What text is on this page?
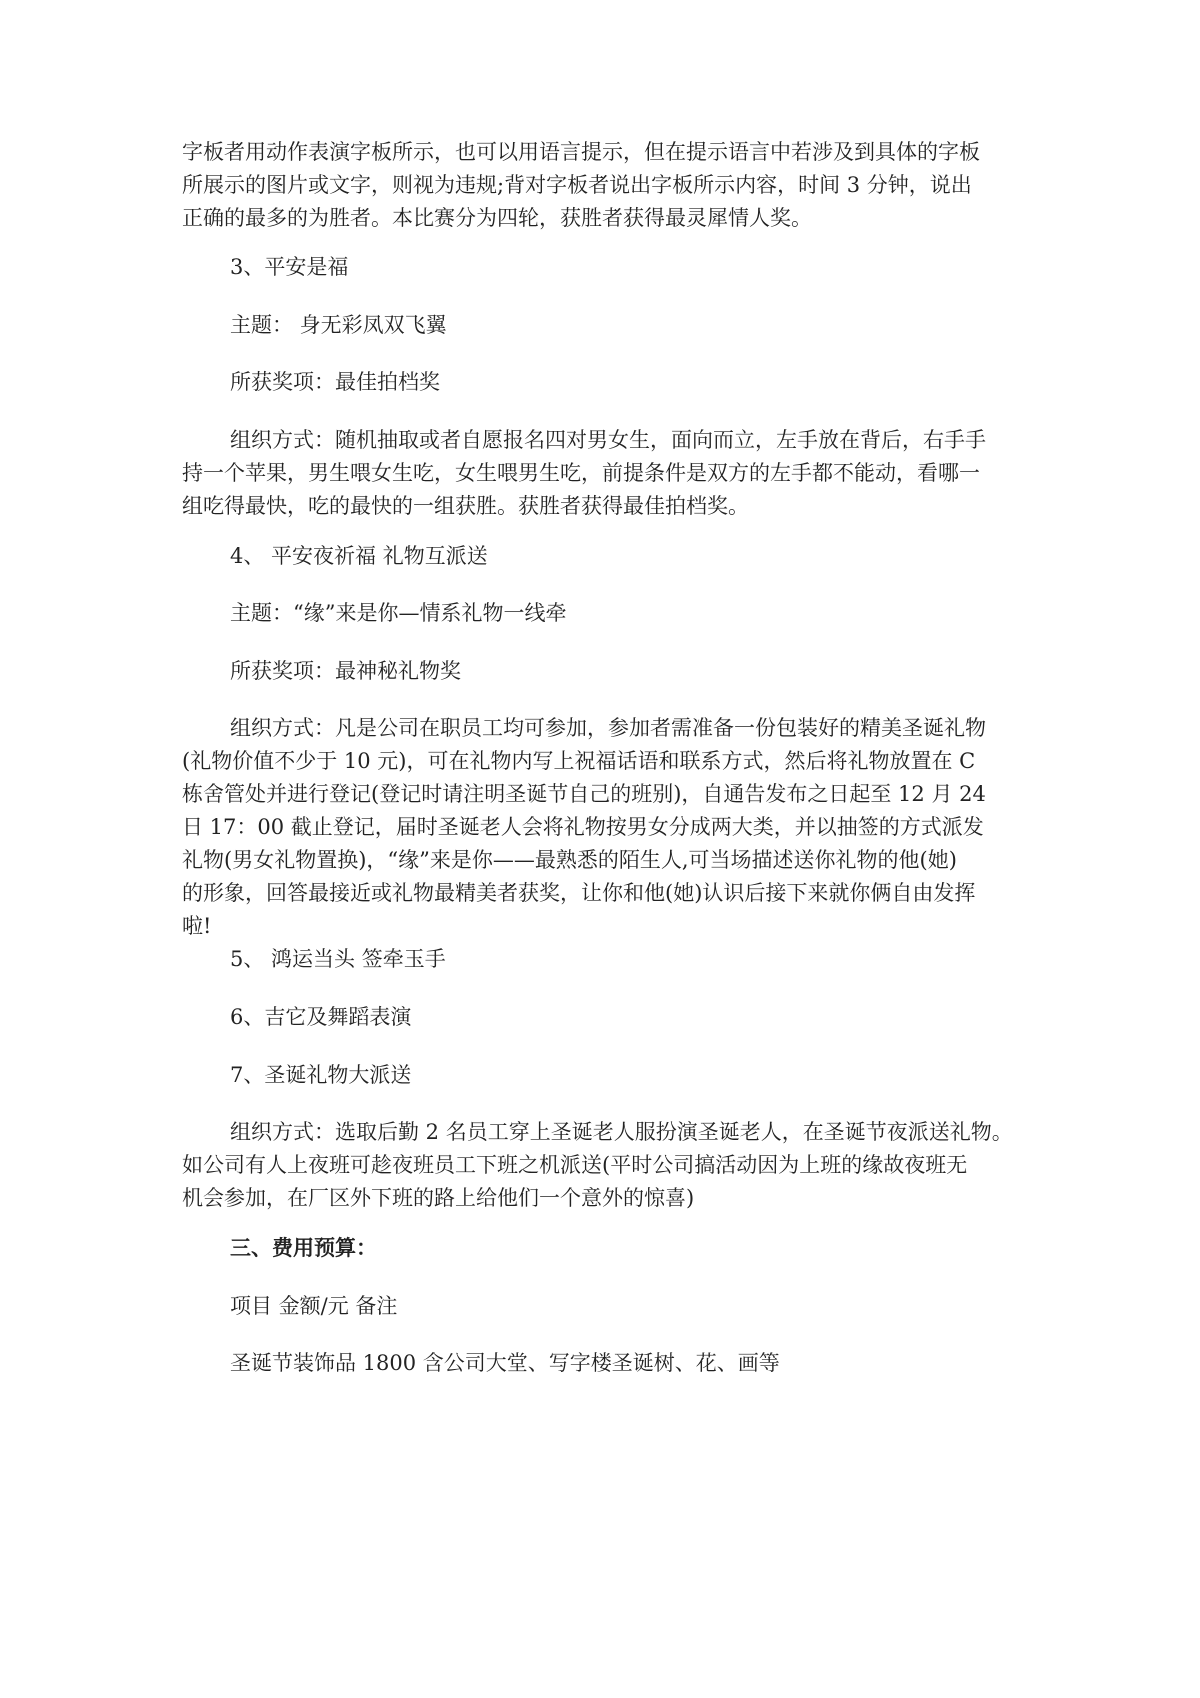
字板者用动作表演字板所示，也可以用语言提示，但在提示语言中若涉及到具体的字板
所展示的图片或文字，则视为违规;背对字板者说出字板所示内容，时间 3 分钟，说出
正确的最多的为胜者。本比赛分为四轮，获胜者获得最灵犀情人奖。

3、平安是福

主题： 身无彩凤双飞翼

所获奖项：最佳拍档奖

组织方式：随机抽取或者自愿报名四对男女生，面向而立，左手放在背后，右手手
持一个苹果，男生喂女生吃，女生喂男生吃，前提条件是双方的左手都不能动，看哪一
组吃得最快，吃的最快的一组获胜。获胜者获得最佳拍档奖。

4、 平安夜祈福 礼物互派送

主题：“缘”来是你—情系礼物一线牵

所获奖项：最神秘礼物奖

组织方式：凡是公司在职员工均可参加，参加者需准备一份包装好的精美圣诞礼物
(礼物价值不少于 10 元)，可在礼物内写上祝福话语和联系方式，然后将礼物放置在 C
栋舍管处并进行登记(登记时请注明圣诞节自己的班别)，自通告发布之日起至 12 月 24
日 17：00 截止登记，届时圣诞老人会将礼物按男女分成两大类，并以抽签的方式派发
礼物(男女礼物置换)，“缘”来是你——最熟悉的陌生人,可当场描述送你礼物的他(她)
的形象，回答最接近或礼物最精美者获奖，让你和他(她)认识后接下来就你俩自由发挥
啦!

5、 鸿运当头 签牵玉手

6、吉它及舞蹈表演

7、圣诞礼物大派送

组织方式：选取后勤 2 名员工穿上圣诞老人服扮演圣诞老人，在圣诞节夜派送礼物。
如公司有人上夜班可趁夜班员工下班之机派送(平时公司搞活动因为上班的缘故夜班无
机会参加，在厂区外下班的路上给他们一个意外的惊喜)

三、费用预算：

项目 金额/元 备注

圣诞节装饰品 1800 含公司大堂、写字楼圣诞树、花、画等
